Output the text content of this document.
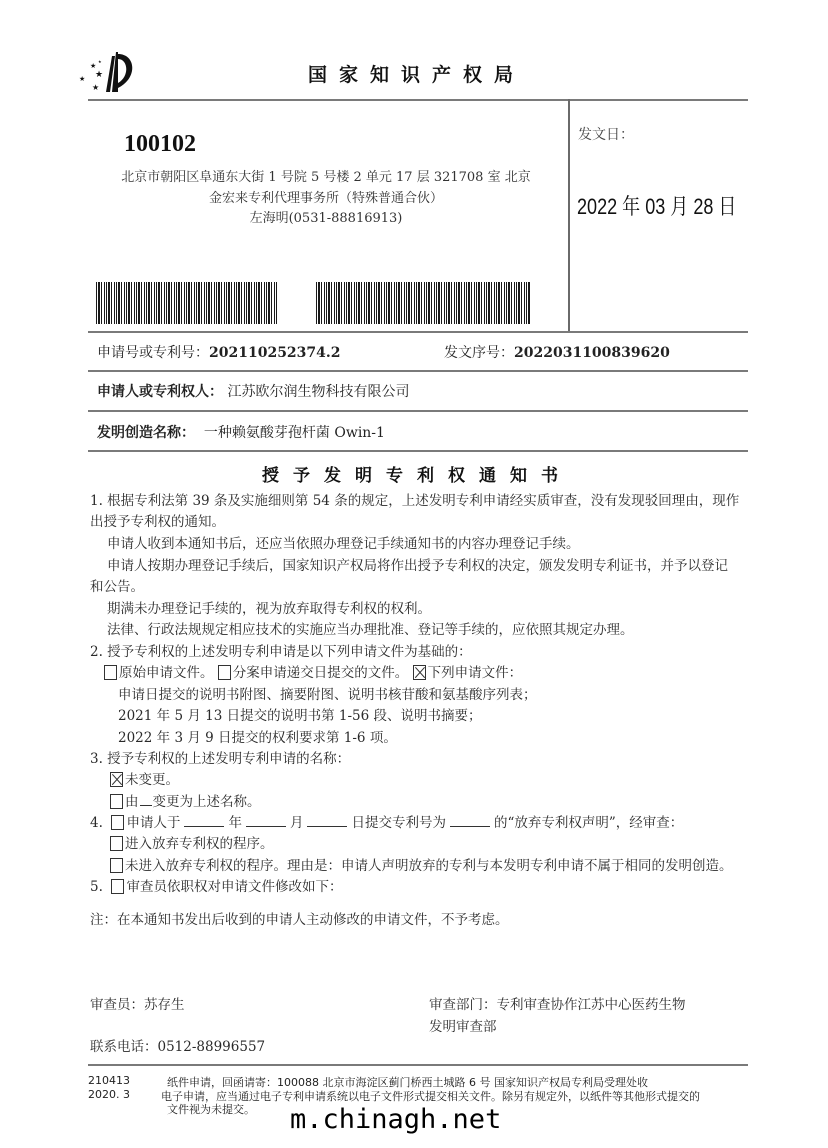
★
★
★
★
★
国家知识产权局
100102
北京市朝阳区阜通东大街 1 号院 5 号楼 2 单元 17 层 321708 室 北京
金宏来专利代理事务所（特殊普通合伙）
左海明(0531-88816913)
发文日：
2022 年 03 月 28 日
申请号或专利号：202110252374.2	发文序号：2022031100839620
申请人或专利权人： 江苏欧尔润生物科技有限公司
发明创造名称： 一种赖氨酸芽孢杆菌 Owin-1
授予发明专利权通知书
1. 根据专利法第 39 条及实施细则第 54 条的规定，上述发明专利申请经实质审查，没有发现驳回理由，现作
出授予专利权的通知。
申请人收到本通知书后，还应当依照办理登记手续通知书的内容办理登记手续。
申请人按期办理登记手续后，国家知识产权局将作出授予专利权的决定，颁发发明专利证书，并予以登记
和公告。
期满未办理登记手续的，视为放弃取得专利权的权利。
法律、行政法规规定相应技术的实施应当办理批准、登记等手续的，应依照其规定办理。
2. 授予专利权的上述发明专利申请是以下列申请文件为基础的：
原始申请文件。 分案申请递交日提交的文件。 下列申请文件：
申请日提交的说明书附图、摘要附图、说明书核苷酸和氨基酸序列表；
2021 年 5 月 13 日提交的说明书第 1-56 段、说明书摘要；
2022 年 3 月 9 日提交的权利要求第 1-6 项。
3. 授予专利权的上述发明专利申请的名称：
未变更。
由 变更为上述名称。
4. 申请人于	年	月	日提交专利号为	的“放弃专利权声明”，经审查：
进入放弃专利权的程序。
未进入放弃专利权的程序。理由是：申请人声明放弃的专利与本发明专利申请不属于相同的发明创造。
5. 审查员依职权对申请文件修改如下：
注：在本通知书发出后收到的申请人主动修改的申请文件，不予考虑。
审查员：苏存生	审查部门：专利审查协作江苏中心医药生物
发明审查部
联系电话：0512-88996557
210413	纸件申请，回函请寄：100088 北京市海淀区蓟门桥西土城路 6 号 国家知识产权局专利局受理处收
2020. 3	电子申请，应当通过电子专利申请系统以电子文件形式提交相关文件。除另有规定外，以纸件等其他形式提交的
文件视为未提交。 m.chinagh.net
